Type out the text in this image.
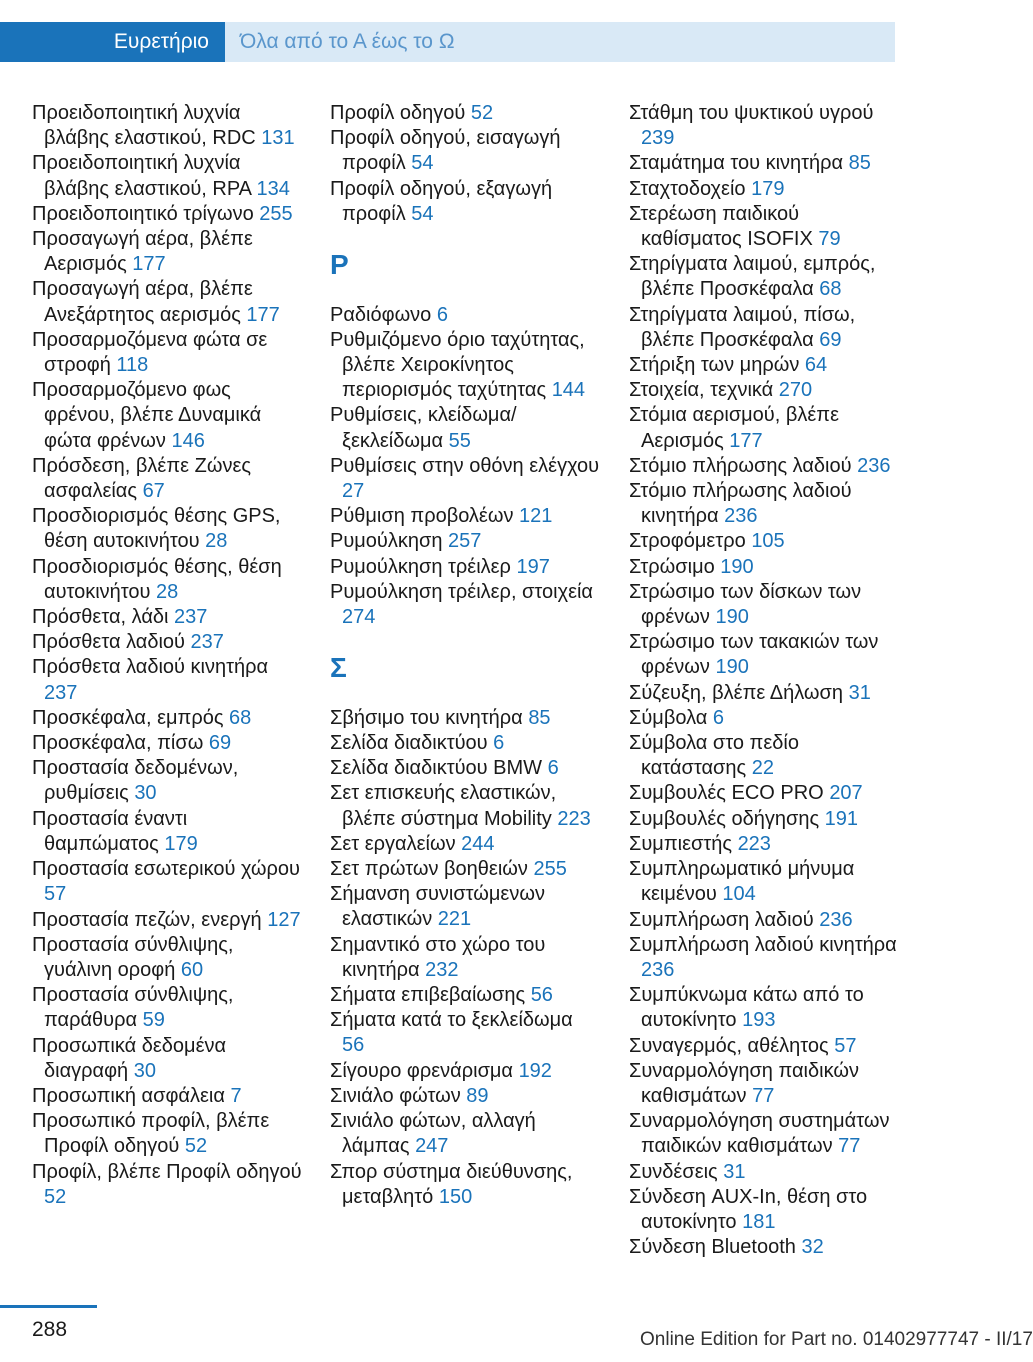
Ευρετήριο	Όλα από το Α έως το Ω
Προειδοποιητική λυχνία βλάβης ελαστικού, RDC 131
Προειδοποιητική λυχνία βλάβης ελαστικού, RPA 134
Προειδοποιητικό τρίγωνο 255
Προσαγωγή αέρα, βλέπε Αερισμός 177
Προσαγωγή αέρα, βλέπε Ανεξάρτητος αερισμός 177
Προσαρμοζόμενα φώτα σε στροφή 118
Προσαρμοζόμενο φως φρένου, βλέπε Δυναμικά φώτα φρένων 146
Πρόσδεση, βλέπε Ζώνες ασφαλείας 67
Προσδιορισμός θέσης GPS, θέση αυτοκινήτου 28
Προσδιορισμός θέσης, θέση αυτοκινήτου 28
Πρόσθετα, λάδι 237
Πρόσθετα λαδιού 237
Πρόσθετα λαδιού κινητήρα 237
Προσκέφαλα, εμπρός 68
Προσκέφαλα, πίσω 69
Προστασία δεδομένων, ρυθμίσεις 30
Προστασία έναντι θαμπώματος 179
Προστασία εσωτερικού χώρου 57
Προστασία πεζών, ενεργή 127
Προστασία σύνθλιψης, γυάλινη οροφή 60
Προστασία σύνθλιψης, παράθυρα 59
Προσωπικά δεδομένα διαγραφή 30
Προσωπική ασφάλεια 7
Προσωπικό προφίλ, βλέπε Προφίλ οδηγού 52
Προφίλ, βλέπε Προφίλ οδηγού 52
Προφίλ οδηγού 52
Προφίλ οδηγού, εισαγωγή προφίλ 54
Προφίλ οδηγού, εξαγωγή προφίλ 54
Ρ
Ραδιόφωνο 6
Ρυθμιζόμενο όριο ταχύτητας, βλέπε Χειροκίνητος περιορισμός ταχύτητας 144
Ρυθμίσεις, κλείδωμα/ξεκλείδωμα 55
Ρυθμίσεις στην οθόνη ελέγχου 27
Ρύθμιση προβολέων 121
Ρυμούλκηση 257
Ρυμούλκηση τρέιλερ 197
Ρυμούλκηση τρέιλερ, στοιχεία 274
Σ
Σβήσιμο του κινητήρα 85
Σελίδα διαδικτύου 6
Σελίδα διαδικτύου BMW 6
Σετ επισκευής ελαστικών, βλέπε σύστημα Mobility 223
Σετ εργαλείων 244
Σετ πρώτων βοηθειών 255
Σήμανση συνιστώμενων ελαστικών 221
Σημαντικό στο χώρο του κινητήρα 232
Σήματα επιβεβαίωσης 56
Σήματα κατά το ξεκλείδωμα 56
Σίγουρο φρενάρισμα 192
Σινιάλο φώτων 89
Σινιάλο φώτων, αλλαγή λάμπας 247
Σπορ σύστημα διεύθυνσης, μεταβλητό 150
Στάθμη του ψυκτικού υγρού 239
Σταμάτημα του κινητήρα 85
Σταχτοδοχείο 179
Στερέωση παιδικού καθίσματος ISOFIX 79
Στηρίγματα λαιμού, εμπρός, βλέπε Προσκέφαλα 68
Στηρίγματα λαιμού, πίσω, βλέπε Προσκέφαλα 69
Στήριξη των μηρών 64
Στοιχεία, τεχνικά 270
Στόμια αερισμού, βλέπε Αερισμός 177
Στόμιο πλήρωσης λαδιού 236
Στόμιο πλήρωσης λαδιού κινητήρα 236
Στροφόμετρο 105
Στρώσιμο 190
Στρώσιμο των δίσκων των φρένων 190
Στρώσιμο των τακακιών των φρένων 190
Σύζευξη, βλέπε Δήλωση 31
Σύμβολα 6
Σύμβολα στο πεδίο κατάστασης 22
Συμβουλές ECO PRO 207
Συμβουλές οδήγησης 191
Συμπιεστής 223
Συμπληρωματικό μήνυμα κειμένου 104
Συμπλήρωση λαδιού 236
Συμπλήρωση λαδιού κινητήρα 236
Συμπύκνωμα κάτω από το αυτοκίνητο 193
Συναγερμός, αθέλητος 57
Συναρμολόγηση παιδικών καθισμάτων 77
Συναρμολόγηση συστημάτων παιδικών καθισμάτων 77
Συνδέσεις 31
Σύνδεση AUX-In, θέση στο αυτοκίνητο 181
Σύνδεση Bluetooth 32
288	Online Edition for Part no. 01402977747 - II/17
